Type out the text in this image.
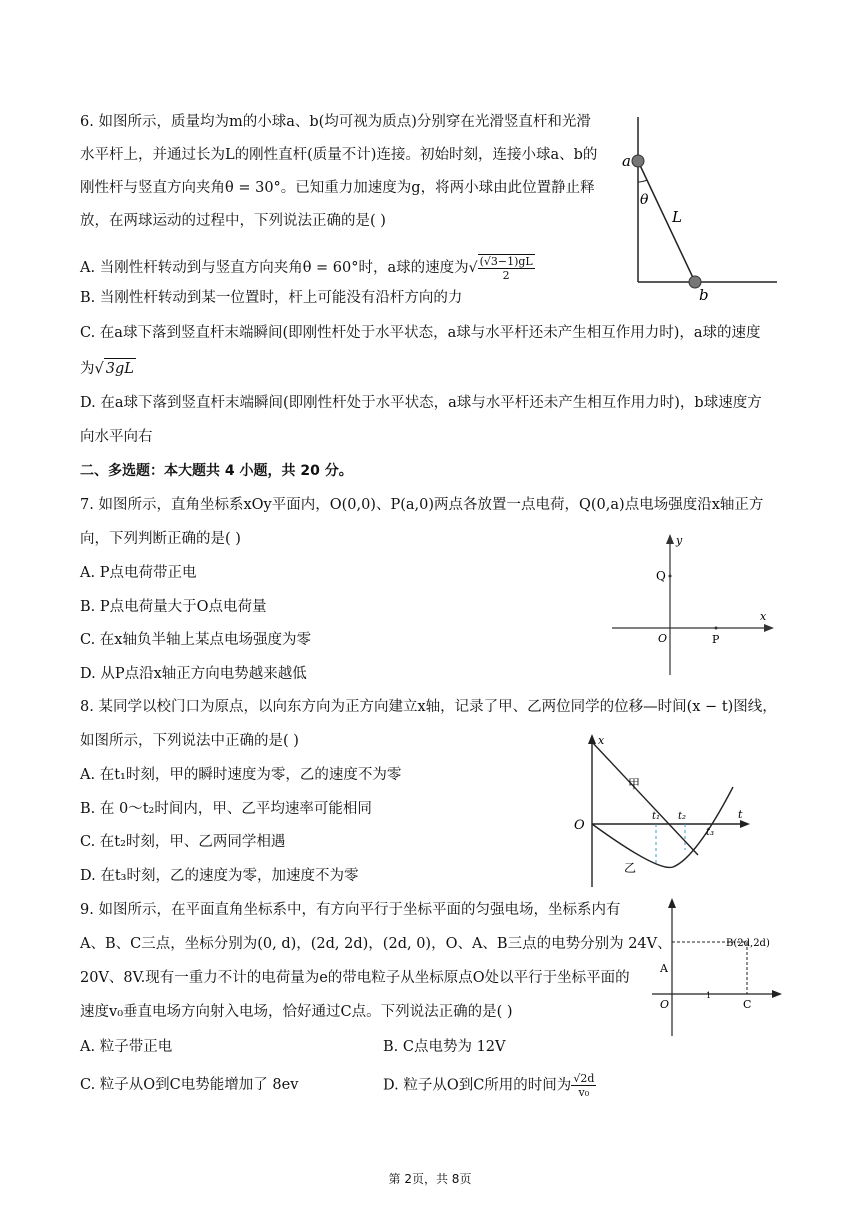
6. 如图所示，质量均为m的小球a、b(均可视为质点)分别穿在光滑竖直杆和光滑
水平杆上，并通过长为L的刚性直杆(质量不计)连接。初始时刻，连接小球a、b的
刚性杆与竖直方向夹角θ = 30°。已知重力加速度为g，将两小球由此位置静止释
放，在两球运动的过程中，下列说法正确的是( )
A. 当刚性杆转动到与竖直方向夹角θ = 60°时，a球的速度为√ $\frac{(√3-1)gL}{2}$
B. 当刚性杆转动到某一位置时，杆上可能没有沿杆方向的力
C. 在a球下落到竖直杆末端瞬间(即刚性杆处于水平状态，a球与水平杆还未产生相互作用力时)，a球的速度
为√ 3gL
D. 在a球下落到竖直杆末端瞬间(即刚性杆处于水平状态，a球与水平杆还未产生相互作用力时)，b球速度方
向水平向右
a
θ
L
b
二、多选题：本大题共 4 小题，共 20 分。
7. 如图所示，直角坐标系xOy平面内，O(0,0)、P(a,0)两点各放置一点电荷，Q(0,a)点电场强度沿x轴正方
向，下列判断正确的是( )
A. P点电荷带正电
B. P点电荷量大于O点电荷量
C. 在x轴负半轴上某点电场强度为零
D. 从P点沿x轴正方向电势越来越低
y
x
Q
O	P
8. 某同学以校门口为原点，以向东方向为正方向建立x轴，记录了甲、乙两位同学的位移—时间(x − t)图线，
如图所示，下列说法中正确的是( )
A. 在t₁时刻，甲的瞬时速度为零，乙的速度不为零
B. 在 0～t₂时间内，甲、乙平均速率可能相同
C. 在t₂时刻，甲、乙两同学相遇
D. 在t₃时刻，乙的速度为零，加速度不为零
x
t
O
甲
乙
t₁ t₂
t₃
9. 如图所示，在平面直角坐标系中，有方向平行于坐标平面的匀强电场，坐标系内有
A、B、C三点，坐标分别为(0, d)，(2d, 2d)，(2d, 0)，O、A、B三点的电势分别为 24V、
20V、8V.现有一重力不计的电荷量为e的带电粒子从坐标原点O处以平行于坐标平面的
速度v₀垂直电场方向射入电场，恰好通过C点。下列说法正确的是( )
A. 粒子带正电	B. C点电势为 12V
C. 粒子从O到C电势能增加了 8ev	D. 粒子从O到C所用的时间为 $\frac{√2d}{\text{v₀}}$
B(2d,2d)
A
O	C
1
第 2页，共 8页
